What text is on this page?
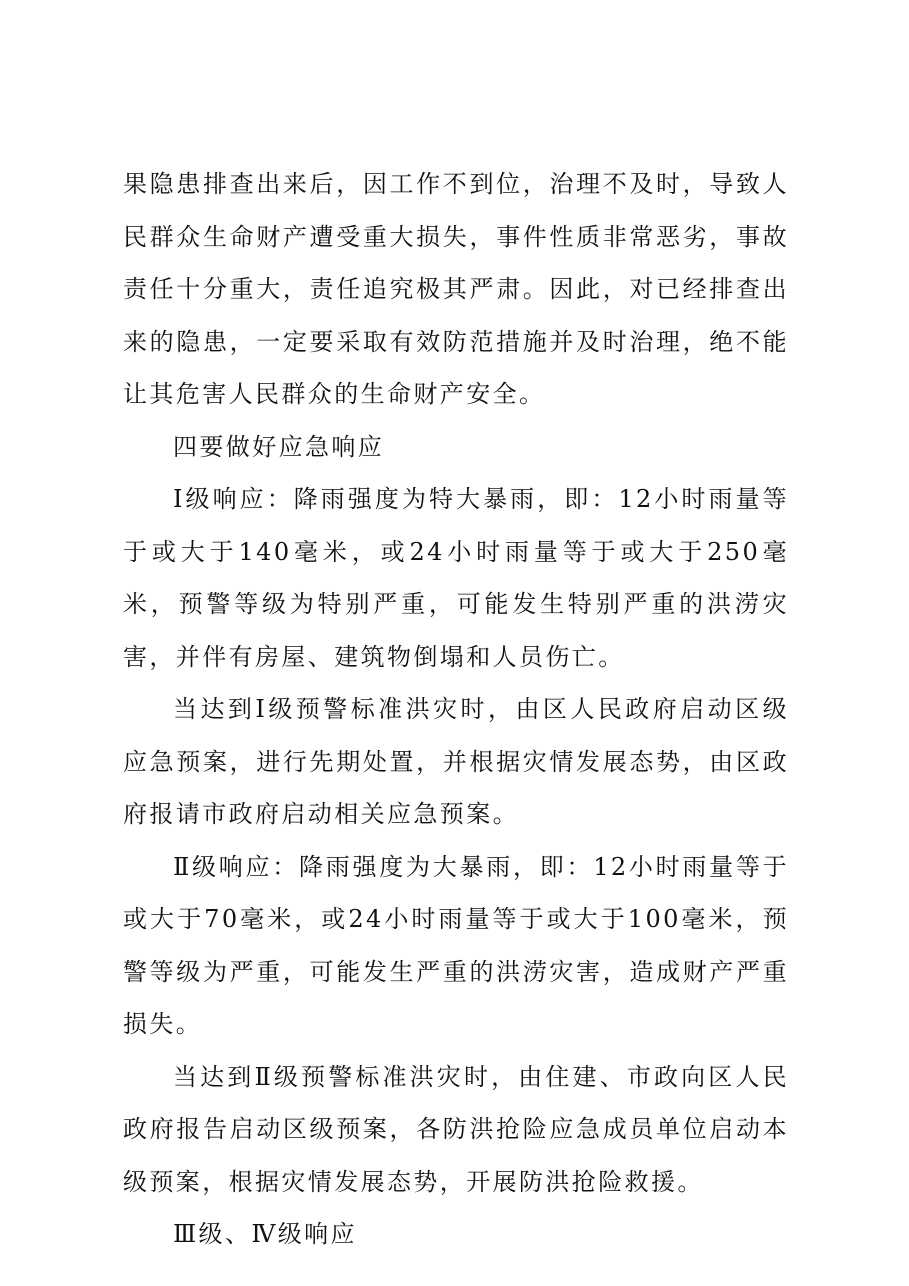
果隐患排查出来后，因工作不到位，治理不及时，导致人民群众生命财产遭受重大损失，事件性质非常恶劣，事故责任十分重大，责任追究极其严肃。因此，对已经排查出来的隐患，一定要采取有效防范措施并及时治理，绝不能让其危害人民群众的生命财产安全。

四要做好应急响应

Ⅰ级响应：降雨强度为特大暴雨，即：12小时雨量等于或大于140毫米，或24小时雨量等于或大于250毫米，预警等级为特别严重，可能发生特别严重的洪涝灾害，并伴有房屋、建筑物倒塌和人员伤亡。

当达到Ⅰ级预警标准洪灾时，由区人民政府启动区级应急预案，进行先期处置，并根据灾情发展态势，由区政府报请市政府启动相关应急预案。

Ⅱ级响应：降雨强度为大暴雨，即：12小时雨量等于或大于70毫米，或24小时雨量等于或大于100毫米，预警等级为严重，可能发生严重的洪涝灾害，造成财产严重损失。

当达到Ⅱ级预警标准洪灾时，由住建、市政向区人民政府报告启动区级预案，各防洪抢险应急成员单位启动本级预案，根据灾情发展态势，开展防洪抢险救援。

Ⅲ级、Ⅳ级响应
